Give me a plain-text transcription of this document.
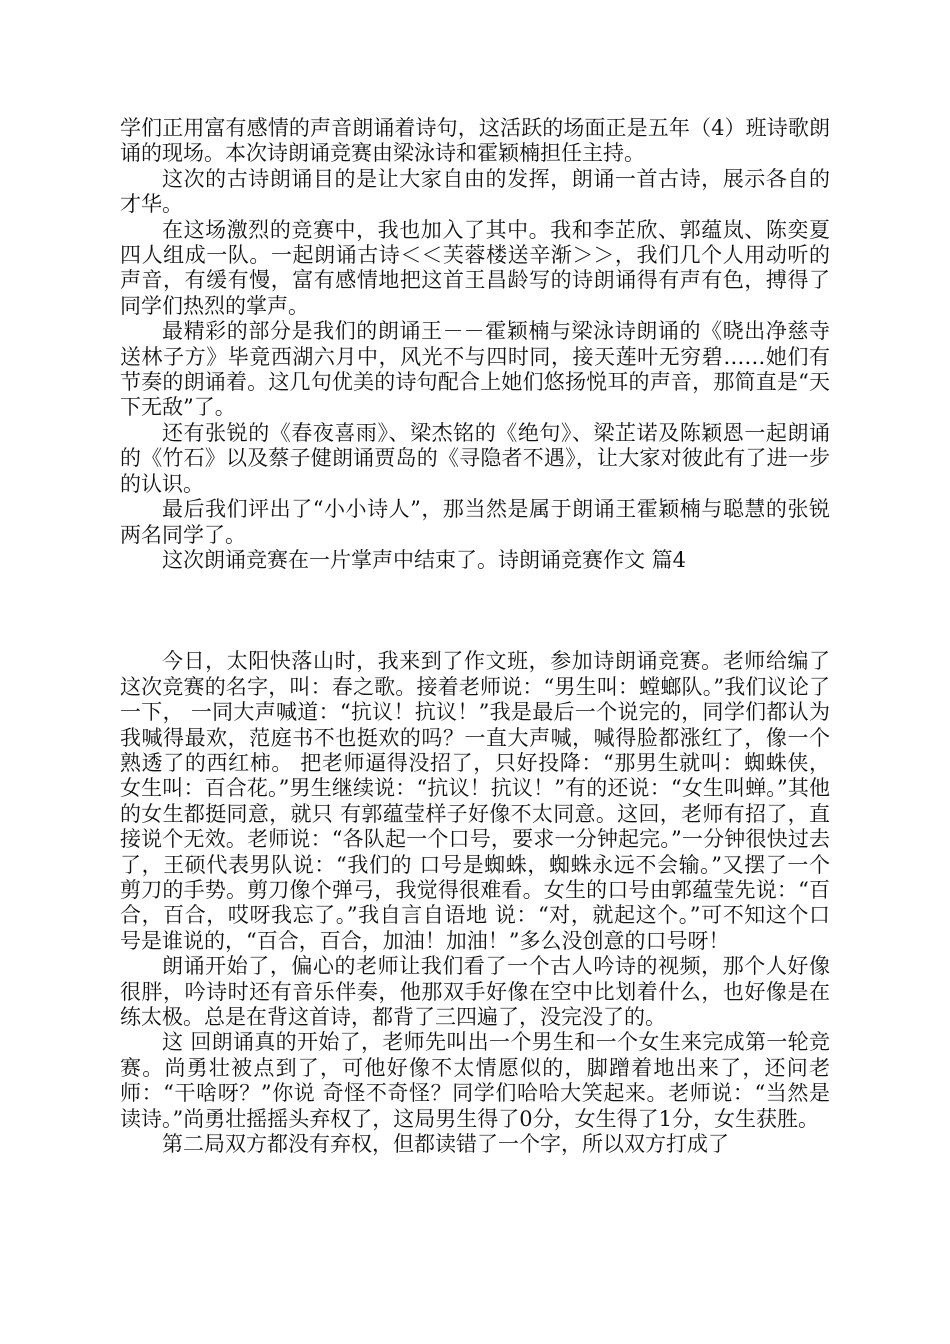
学们正用富有感情的声音朗诵着诗句，这活跃的场面正是五年（4）班诗歌朗诵的现场。本次诗朗诵竞赛由梁泳诗和霍颖楠担任主持。

这次的古诗朗诵目的是让大家自由的发挥，朗诵一首古诗，展示各自的才华。

在这场激烈的竞赛中，我也加入了其中。我和李芷欣、郭蕴岚、陈奕夏四人组成一队。一起朗诵古诗＜＜芙蓉楼送辛渐＞＞，我们几个人用动听的声音，有缓有慢，富有感情地把这首王昌龄写的诗朗诵得有声有色，搏得了同学们热烈的掌声。

最精彩的部分是我们的朗诵王－－霍颖楠与梁泳诗朗诵的《晓出净慈寺送林子方》毕竟西湖六月中，风光不与四时同，接天莲叶无穷碧……她们有节奏的朗诵着。这几句优美的诗句配合上她们悠扬悦耳的声音，那简直是“天下无敌”了。

还有张锐的《春夜喜雨》、梁杰铭的《绝句》、梁芷诺及陈颖恩一起朗诵的《竹石》以及蔡子健朗诵贾岛的《寻隐者不遇》，让大家对彼此有了进一步的认识。

最后我们评出了“小小诗人”，那当然是属于朗诵王霍颖楠与聪慧的张锐两名同学了。

这次朗诵竞赛在一片掌声中结束了。诗朗诵竞赛作文 篇4

今日，太阳快落山时，我来到了作文班，参加诗朗诵竞赛。老师给编了这次竞赛的名字，叫：春之歌。接着老师说：“男生叫：螳螂队。”我们议论了一下， 一同大声喊道：“抗议！抗议！”我是最后一个说完的，同学们都认为我喊得最欢，范庭书不也挺欢的吗？一直大声喊，喊得脸都涨红了，像一个熟透了的西红柿。 把老师逼得没招了，只好投降：“那男生就叫：蜘蛛侠，女生叫：百合花。”男生继续说：“抗议！抗议！”有的还说：“女生叫蝉。”其他的女生都挺同意，就只 有郭蕴莹样子好像不太同意。这回，老师有招了，直接说个无效。老师说：“各队起一个口号，要求一分钟起完。”一分钟很快过去了，王硕代表男队说：“我们的 口号是蜘蛛，蜘蛛永远不会输。”又摆了一个剪刀的手势。剪刀像个弹弓，我觉得很难看。女生的口号由郭蕴莹先说：“百合，百合，哎呀我忘了。”我自言自语地 说：“对，就起这个。”可不知这个口号是谁说的，“百合，百合，加油！加油！”多么没创意的口号呀！

朗诵开始了，偏心的老师让我们看了一个古人吟诗的视频，那个人好像很胖，吟诗时还有音乐伴奏，他那双手好像在空中比划着什么，也好像是在练太极。总是在背这首诗，都背了三四遍了，没完没了的。

这 回朗诵真的开始了，老师先叫出一个男生和一个女生来完成第一轮竞赛。尚勇壮被点到了，可他好像不太情愿似的，脚蹭着地出来了，还问老师：“干啥呀？”你说 奇怪不奇怪？同学们哈哈大笑起来。老师说：“当然是读诗。”尚勇壮摇摇头弃权了，这局男生得了0分，女生得了1分，女生获胜。

第二局双方都没有弃权，但都读错了一个字，所以双方打成了
